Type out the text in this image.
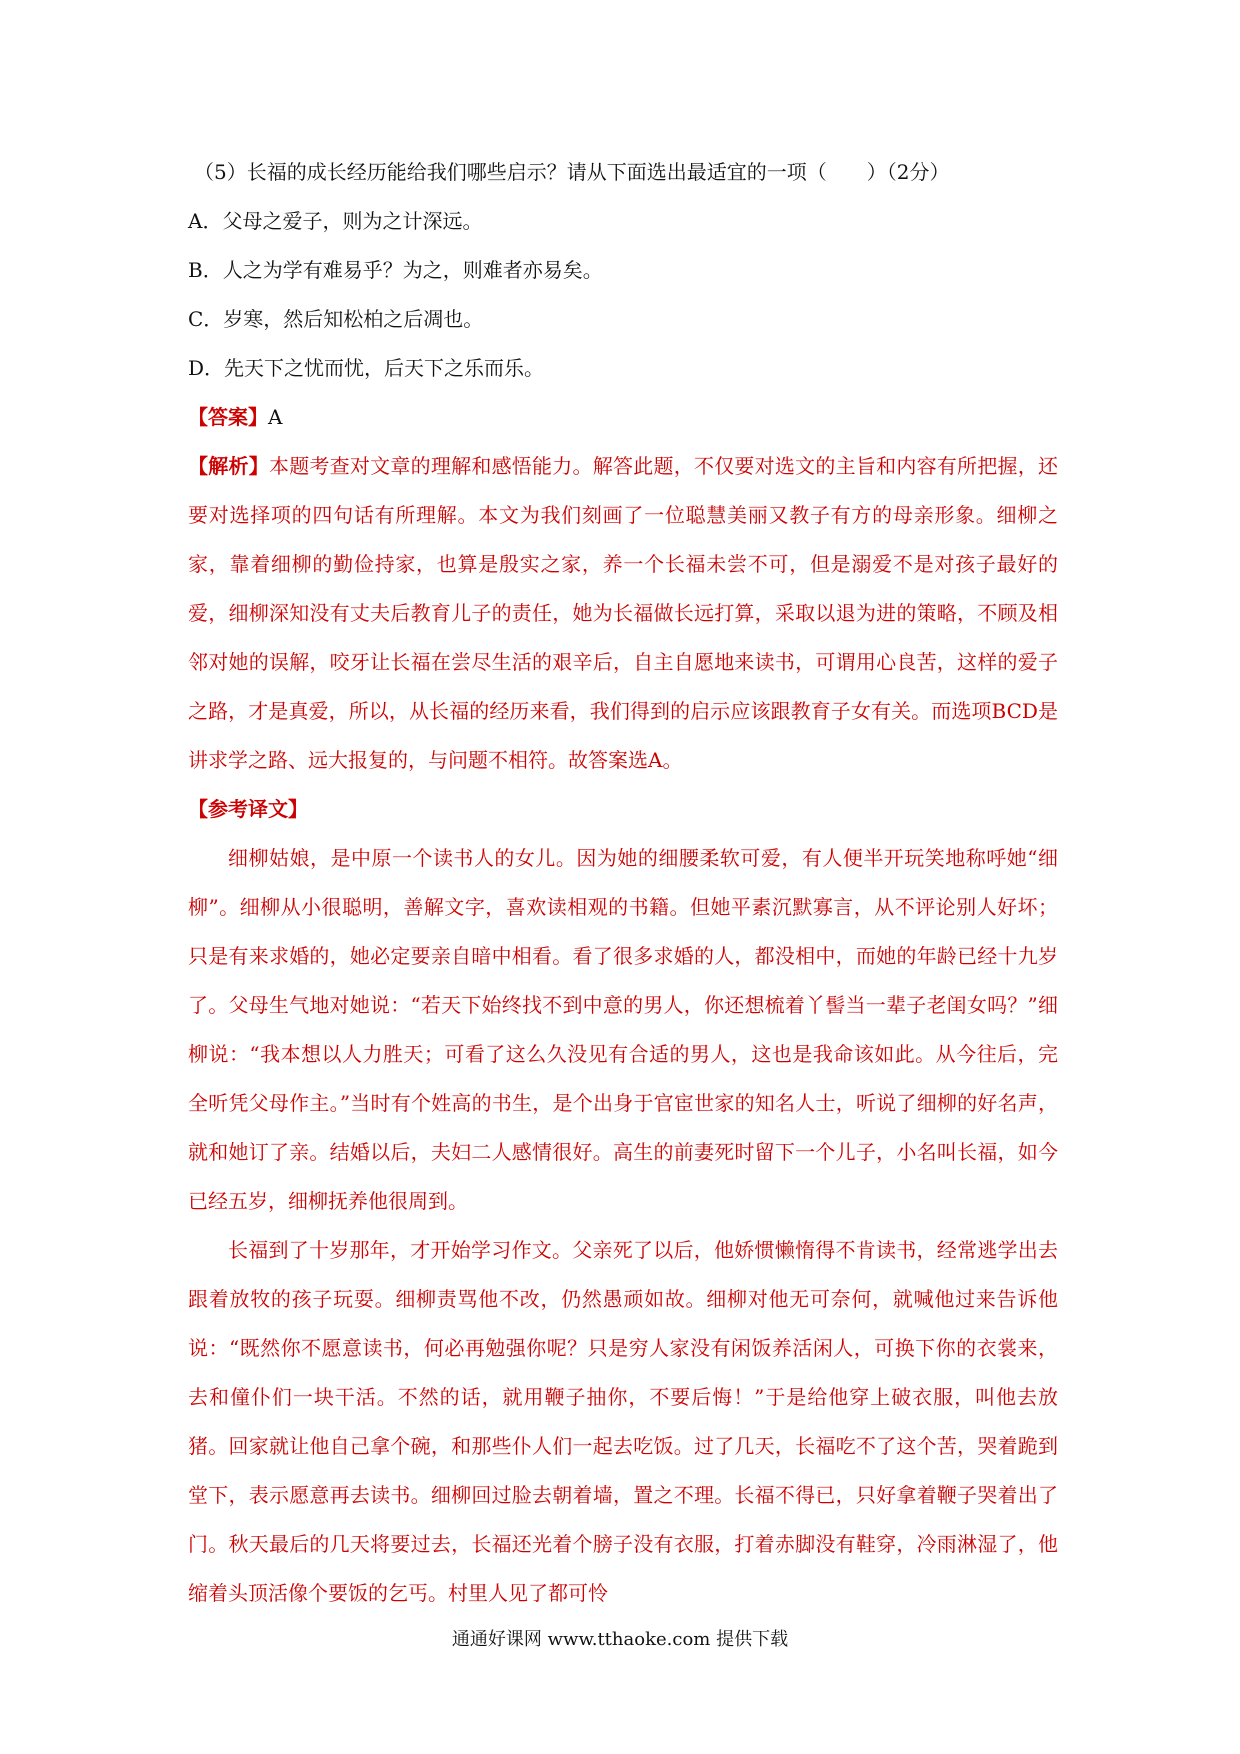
（5）长福的成长经历能给我们哪些启示？请从下面选出最适宜的一项（　　）（2分）
A．父母之爱子，则为之计深远。
B．人之为学有难易乎？为之，则难者亦易矣。
C．岁寒，然后知松柏之后凋也。
D．先天下之忧而忧，后天下之乐而乐。
【答案】A

【解析】本题考查对文章的理解和感悟能力。解答此题，不仅要对选文的主旨和内容有所把握，还要对选择项的四句话有所理解。本文为我们刻画了一位聪慧美丽又教子有方的母亲形象。细柳之家，靠着细柳的勤俭持家，也算是殷实之家，养一个长福未尝不可，但是溺爱不是对孩子最好的爱，细柳深知没有丈夫后教育儿子的责任，她为长福做长远打算，采取以退为进的策略，不顾及相邻对她的误解，咬牙让长福在尝尽生活的艰辛后，自主自愿地来读书，可谓用心良苦，这样的爱子之路，才是真爱，所以，从长福的经历来看，我们得到的启示应该跟教育子女有关。而选项BCD是讲求学之路、远大报复的，与问题不相符。故答案选A。

【参考译文】

细柳姑娘，是中原一个读书人的女儿。因为她的细腰柔软可爱，有人便半开玩笑地称呼她“细柳”。细柳从小很聪明，善解文字，喜欢读相观的书籍。但她平素沉默寡言，从不评论别人好坏；只是有来求婚的，她必定要亲自暗中相看。看了很多求婚的人，都没相中，而她的年龄已经十九岁了。父母生气地对她说：“若天下始终找不到中意的男人，你还想梳着丫髻当一辈子老闺女吗？”细柳说：“我本想以人力胜天；可看了这么久没见有合适的男人，这也是我命该如此。从今往后，完全听凭父母作主。”当时有个姓高的书生，是个出身于官宦世家的知名人士，听说了细柳的好名声，就和她订了亲。结婚以后，夫妇二人感情很好。高生的前妻死时留下一个儿子，小名叫长福，如今已经五岁，细柳抚养他很周到。

长福到了十岁那年，才开始学习作文。父亲死了以后，他娇惯懒惰得不肯读书，经常逃学出去跟着放牧的孩子玩耍。细柳责骂他不改，仍然愚顽如故。细柳对他无可奈何，就喊他过来告诉他说：“既然你不愿意读书，何必再勉强你呢？只是穷人家没有闲饭养活闲人，可换下你的衣裳来，去和僮仆们一块干活。不然的话，就用鞭子抽你，不要后悔！”于是给他穿上破衣服，叫他去放猪。回家就让他自己拿个碗，和那些仆人们一起去吃饭。过了几天，长福吃不了这个苦，哭着跪到堂下，表示愿意再去读书。细柳回过脸去朝着墙，置之不理。长福不得已，只好拿着鞭子哭着出了门。秋天最后的几天将要过去，长福还光着个膀子没有衣服，打着赤脚没有鞋穿，冷雨淋湿了，他缩着头顶活像个要饭的乞丐。村里人见了都可怜

通通好课网 www.tthaoke.com 提供下载
